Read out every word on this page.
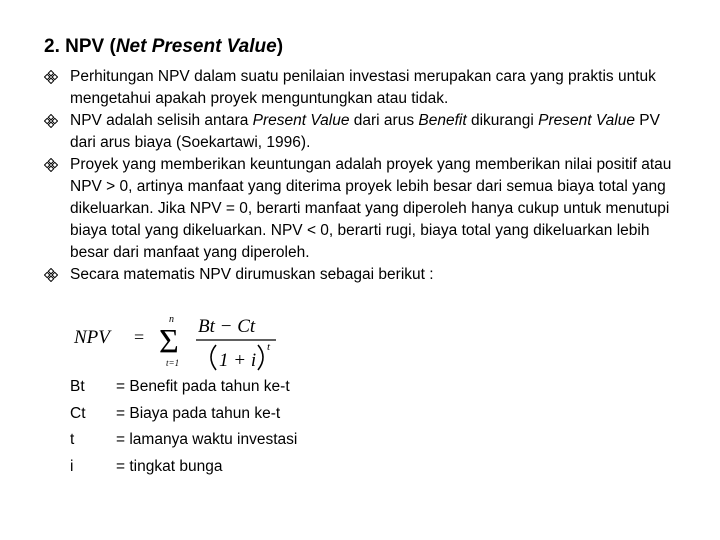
2. NPV (Net Present Value)
Perhitungan NPV dalam suatu penilaian investasi merupakan cara yang praktis untuk mengetahui apakah proyek menguntungkan atau tidak.
NPV adalah selisih antara Present Value dari arus Benefit dikurangi Present Value PV dari arus biaya (Soekartawi, 1996).
Proyek yang memberikan keuntungan adalah proyek yang memberikan nilai positif atau NPV > 0, artinya manfaat yang diterima proyek lebih besar dari semua biaya total yang dikeluarkan. Jika NPV = 0, berarti manfaat yang diperoleh hanya cukup untuk menutupi biaya total yang dikeluarkan. NPV < 0, berarti rugi, biaya total yang dikeluarkan lebih besar dari manfaat yang diperoleh.
Secara matematis NPV dirumuskan sebagai berikut :
NPV =
n
Σ
t=1
Bt − Ct
1 + i
t
Bt	= Benefit pada tahun ke-t
Ct	= Biaya pada tahun ke-t
t	= lamanya waktu investasi
i	= tingkat bunga
